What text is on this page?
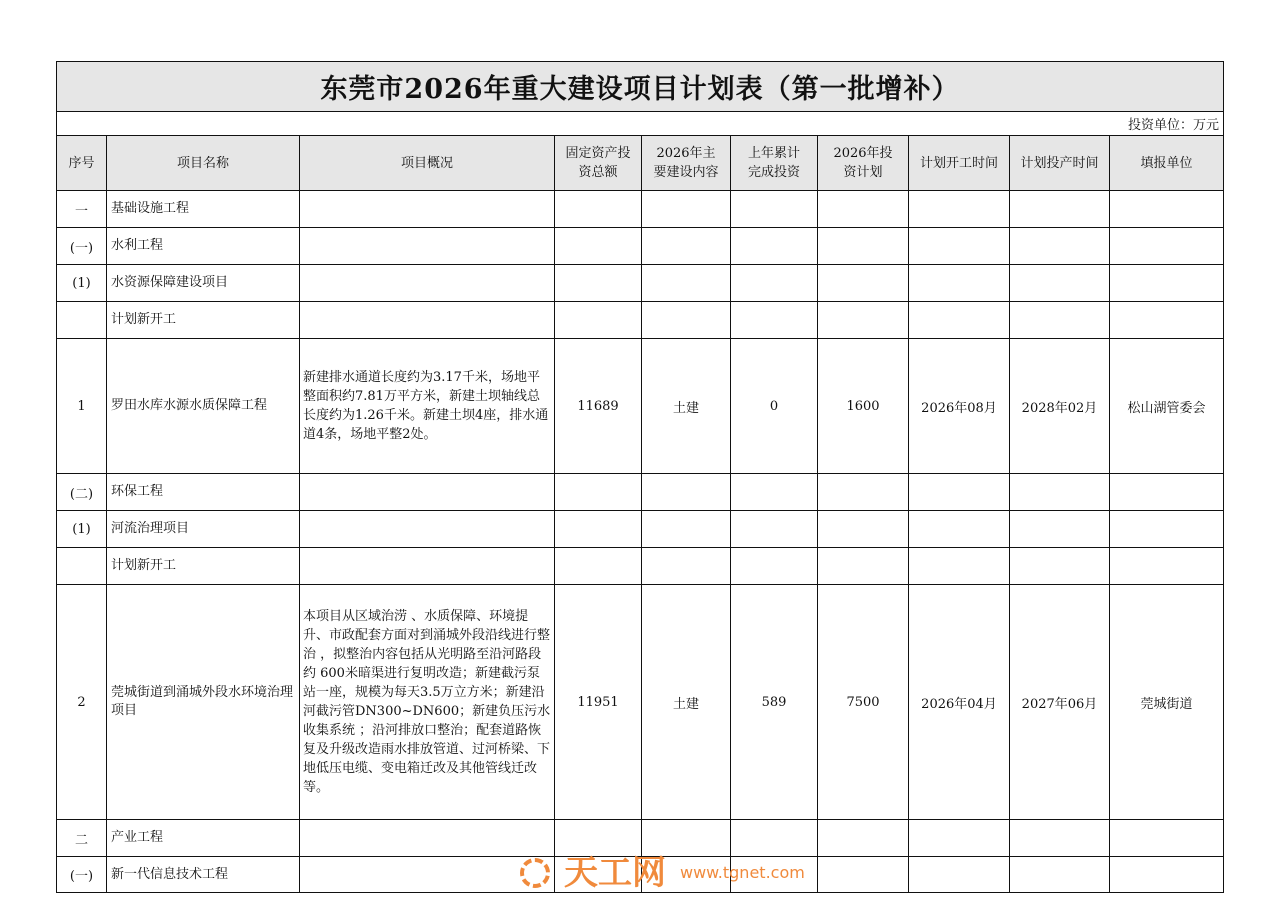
东莞市2026年重大建设项目计划表（第一批增补）									
投资单位：万元									
序号	项目名称	项目概况	固定资产投资总额	2026年主要建设内容	上年累计完成投资	2026年投资计划	计划开工时间	计划投产时间	填报单位
一	基础设施工程								
(一)	水利工程								
(1)	水资源保障建设项目								
	计划新开工								
1	罗田水库水源水质保障工程	新建排水通道长度约为3.17千米，场地平整面积约7.81万平方米，新建土坝轴线总长度约为1.26千米。新建土坝4座，排水通道4条，场地平整2处。	11689	土建	0	1600	2026年08月	2028年02月	松山湖管委会
(二)	环保工程								
(1)	河流治理项目								
	计划新开工								
2	莞城街道到涌城外段水环境治理项目	本项目从区域治涝 、水质保障、环境提升、市政配套方面对到涌城外段沿线进行整治 ，拟整治内容包括从光明路至沿河路段约 600米暗渠进行复明改造；新建截污泵站一座，规模为每天3.5万立方米；新建沿河截污管DN300~DN600；新建负压污水收集系统 ；沿河排放口整治；配套道路恢复及升级改造雨水排放管道、过河桥梁、下地低压电缆、变电箱迁改及其他管线迁改等。	11951	土建	589	7500	2026年04月	2027年06月	莞城街道
二	产业工程								
(一)	新一代信息技术工程									天工网 www.tgnet.com
